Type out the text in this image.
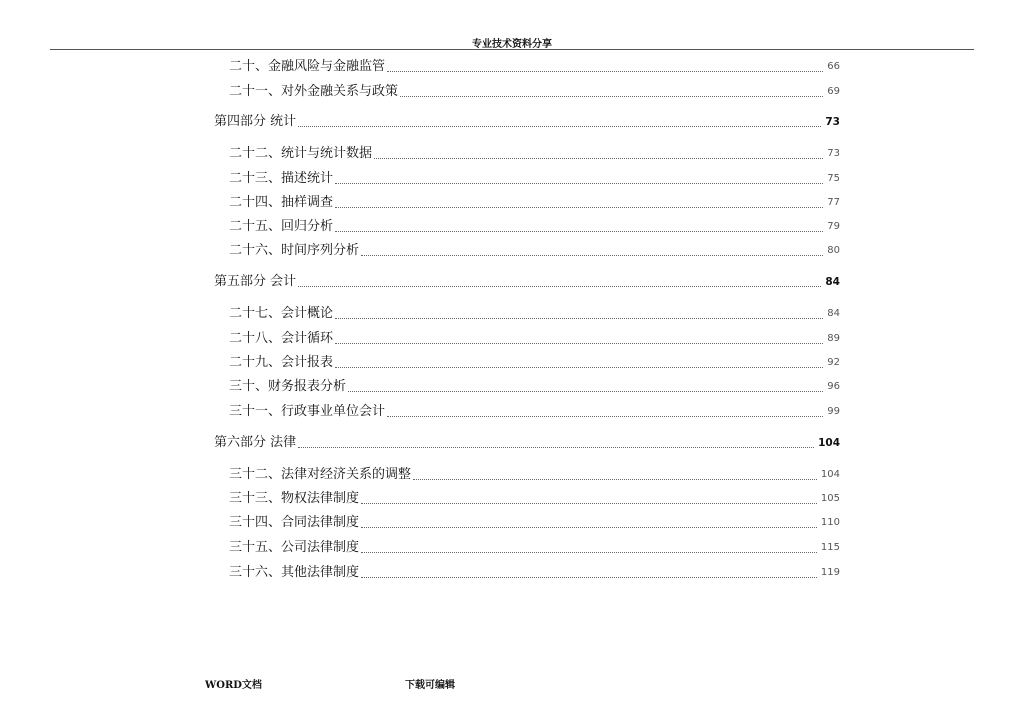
专业技术资料分享
二十、金融风险与金融监管	66
二十一、对外金融关系与政策	69
第四部分 统计	73
二十二、统计与统计数据	73
二十三、描述统计	75
二十四、抽样调查	77
二十五、回归分析	79
二十六、时间序列分析	80
第五部分 会计	84
二十七、会计概论	84
二十八、会计循环	89
二十九、会计报表	92
三十、财务报表分析	96
三十一、行政事业单位会计	99
第六部分 法律	104
三十二、法律对经济关系的调整	104
三十三、物权法律制度	105
三十四、合同法律制度	110
三十五、公司法律制度	115
三十六、其他法律制度	119
WORD文档	下载可编辑
